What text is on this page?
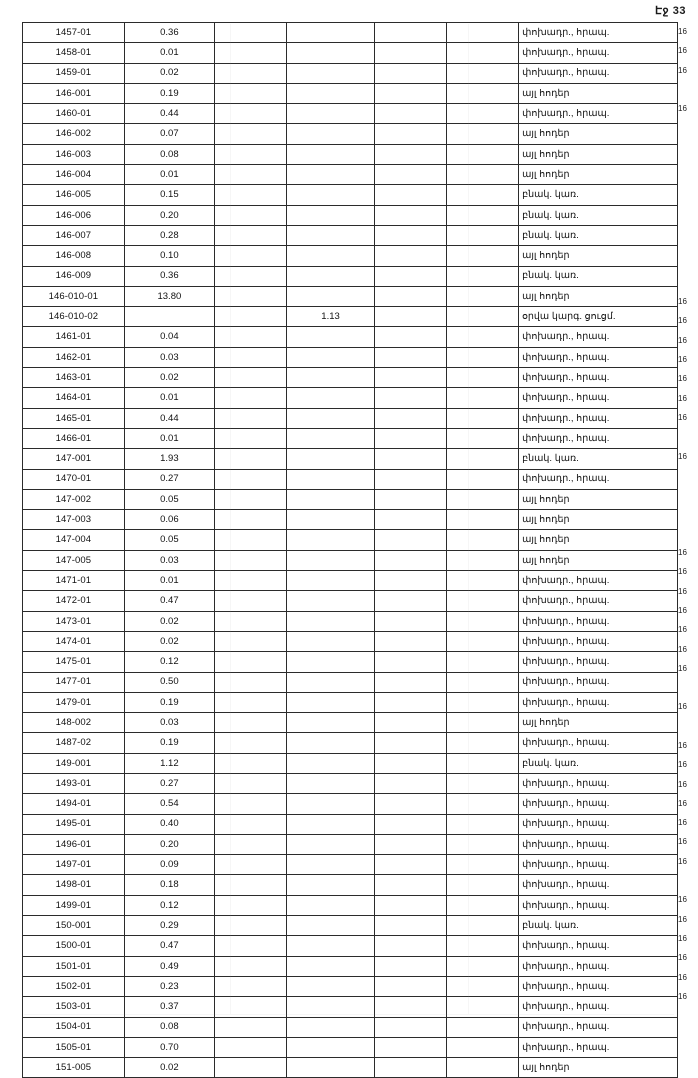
Էջ 33
1457-01	0.36					փոխադր., հրապ.
1458-01	0.01					փոխադր., հրապ.
1459-01	0.02					փոխադր., հրապ.
146-001	0.19					այլ հոդեր
1460-01	0.44					փոխադր., հրապ.
146-002	0.07					այլ հոդեր
146-003	0.08					այլ հոդեր
146-004	0.01					այլ հոդեր
146-005	0.15					բնակ. կառ.
146-006	0.20					բնակ. կառ.
146-007	0.28					բնակ. կառ.
146-008	0.10					այլ հոդեր
146-009	0.36					բնակ. կառ.
146-010-01	13.80					այլ հոդեր
146-010-02			1.13			օրվա կարգ. ցուցմ.
1461-01	0.04					փոխադր., հրապ.
1462-01	0.03					փոխադր., հրապ.
1463-01	0.02					փոխադր., հրապ.
1464-01	0.01					փոխադր., հրապ.
1465-01	0.44					փոխադր., հրապ.
1466-01	0.01					փոխադր., հրապ.
147-001	1.93					բնակ. կառ.
1470-01	0.27					փոխադր., հրապ.
147-002	0.05					այլ հոդեր
147-003	0.06					այլ հոդեր
147-004	0.05					այլ հոդեր
147-005	0.03					այլ հոդեր
1471-01	0.01					փոխադր., հրապ.
1472-01	0.47					փոխադր., հրապ.
1473-01	0.02					փոխադր., հրապ.
1474-01	0.02					փոխադր., հրապ.
1475-01	0.12					փոխադր., հրապ.
1477-01	0.50					փոխադր., հրապ.
1479-01	0.19					փոխադր., հրապ.
148-002	0.03					այլ հոդեր
1487-02	0.19					փոխադր., հրապ.
149-001	1.12					բնակ. կառ.
1493-01	0.27					փոխադր., հրապ.
1494-01	0.54					փոխադր., հրապ.
1495-01	0.40					փոխադր., հրապ.
1496-01	0.20					փոխադր., հրապ.
1497-01	0.09					փոխադր., հրապ.
1498-01	0.18					փոխադր., հրապ.
1499-01	0.12					փոխադր., հրապ.
150-001	0.29					բնակ. կառ.
1500-01	0.47					փոխադր., հրապ.
1501-01	0.49					փոխադր., հրապ.
1502-01	0.23					փոխադր., հրապ.
1503-01	0.37					փոխադր., հրապ.
1504-01	0.08					փոխադր., հրապ.
1505-01	0.70					փոխադր., հրապ.
151-005	0.02					այլ հոդեր
16
16
16
16
16
16
16
16
16
16
16
16
16
16
16
16
16
16
16
16
16
16
16
16
16
16
16
16
16
16
16
16
16
